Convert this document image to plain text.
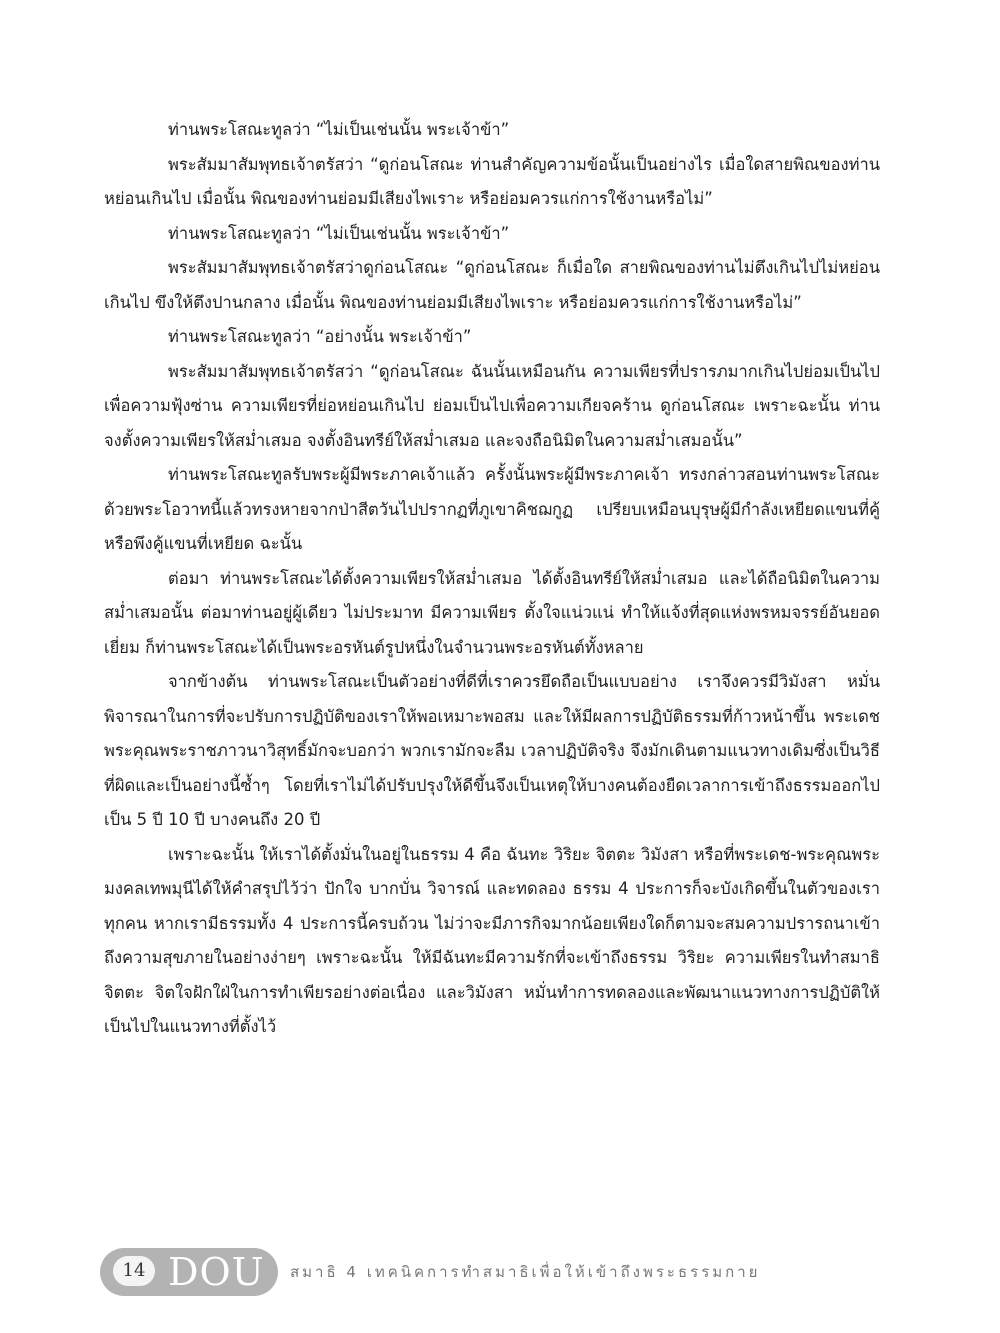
ท่านพระโสณะทูลว่า “ไม่เป็นเช่นนั้น พระเจ้าข้า”

พระสัมมาสัมพุทธเจ้าตรัสว่า “ดูก่อนโสณะ ท่านสำคัญความข้อนั้นเป็นอย่างไร เมื่อใดสายพิณของท่านหย่อนเกินไป เมื่อนั้น พิณของท่านย่อมมีเสียงไพเราะ หรือย่อมควรแก่การใช้งานหรือไม่”

ท่านพระโสณะทูลว่า “ไม่เป็นเช่นนั้น พระเจ้าข้า”

พระสัมมาสัมพุทธเจ้าตรัสว่าดูก่อนโสณะ “ดูก่อนโสณะ ก็เมื่อใด สายพิณของท่านไม่ตึงเกินไปไม่หย่อนเกินไป ขึงให้ตึงปานกลาง เมื่อนั้น พิณของท่านย่อมมีเสียงไพเราะ หรือย่อมควรแก่การใช้งานหรือไม่”

ท่านพระโสณะทูลว่า “อย่างนั้น พระเจ้าข้า”

พระสัมมาสัมพุทธเจ้าตรัสว่า “ดูก่อนโสณะ ฉันนั้นเหมือนกัน ความเพียรที่ปรารภมากเกินไปย่อมเป็นไปเพื่อความฟุ้งซ่าน ความเพียรที่ย่อหย่อนเกินไป ย่อมเป็นไปเพื่อความเกียจคร้าน ดูก่อนโสณะ เพราะฉะนั้น ท่านจงตั้งความเพียรให้สม่ำเสมอ จงตั้งอินทรีย์ให้สม่ำเสมอ และจงถือนิมิตในความสม่ำเสมอนั้น”

ท่านพระโสณะทูลรับพระผู้มีพระภาคเจ้าแล้ว ครั้งนั้นพระผู้มีพระภาคเจ้า ทรงกล่าวสอนท่านพระโสณะด้วยพระโอวาทนี้แล้วทรงหายจากป่าสีตวันไปปรากฏที่ภูเขาคิชฌกูฏ เปรียบเหมือนบุรุษผู้มีกำลังเหยียดแขนที่คู้ หรือพึงคู้แขนที่เหยียด ฉะนั้น

ต่อมา ท่านพระโสณะได้ตั้งความเพียรให้สม่ำเสมอ ได้ตั้งอินทรีย์ให้สม่ำเสมอ และได้ถือนิมิตในความสม่ำเสมอนั้น ต่อมาท่านอยู่ผู้เดียว ไม่ประมาท มีความเพียร ตั้งใจแน่วแน่ ทำให้แจ้งที่สุดแห่งพรหมจรรย์อันยอดเยี่ยม ก็ท่านพระโสณะได้เป็นพระอรหันต์รูปหนึ่งในจำนวนพระอรหันต์ทั้งหลาย

จากข้างต้น ท่านพระโสณะเป็นตัวอย่างที่ดีที่เราควรยึดถือเป็นแบบอย่าง เราจึงควรมีวิมังสา หมั่นพิจารณาในการที่จะปรับการปฏิบัติของเราให้พอเหมาะพอสม และให้มีผลการปฏิบัติธรรมที่ก้าวหน้าขึ้น พระเดชพระคุณพระราชภาวนาวิสุทธิ์มักจะบอกว่า พวกเรามักจะลืม เวลาปฏิบัติจริง จึงมักเดินตามแนวทางเดิมซึ่งเป็นวิธีที่ผิดและเป็นอย่างนี้ซ้ำๆ โดยที่เราไม่ได้ปรับปรุงให้ดีขึ้นจึงเป็นเหตุให้บางคนต้องยืดเวลาการเข้าถึงธรรมออกไป เป็น 5 ปี 10 ปี บางคนถึง 20 ปี

เพราะฉะนั้น ให้เราได้ตั้งมั่นในอยู่ในธรรม 4 คือ ฉันทะ วิริยะ จิตตะ วิมังสา หรือที่พระเดช-พระคุณพระมงคลเทพมุนีได้ให้คำสรุปไว้ว่า ปักใจ บากบั่น วิจารณ์ และทดลอง ธรรม 4 ประการก็จะบังเกิดขึ้นในตัวของเราทุกคน หากเรามีธรรมทั้ง 4 ประการนี้ครบถ้วน ไม่ว่าจะมีภารกิจมากน้อยเพียงใดก็ตามจะสมความปรารถนาเข้าถึงความสุขภายในอย่างง่ายๆ เพราะฉะนั้น ให้มีฉันทะมีความรักที่จะเข้าถึงธรรม วิริยะ ความเพียรในทำสมาธิ จิตตะ จิตใจฝักใฝ่ในการทำเพียรอย่างต่อเนื่อง และวิมังสา หมั่นทำการทดลองและพัฒนาแนวทางการปฏิบัติให้เป็นไปในแนวทางที่ตั้งไว้

14 DOU สมาธิ 4 เทคนิคการทำสมาธิเพื่อให้เข้าถึงพระธรรมกาย
